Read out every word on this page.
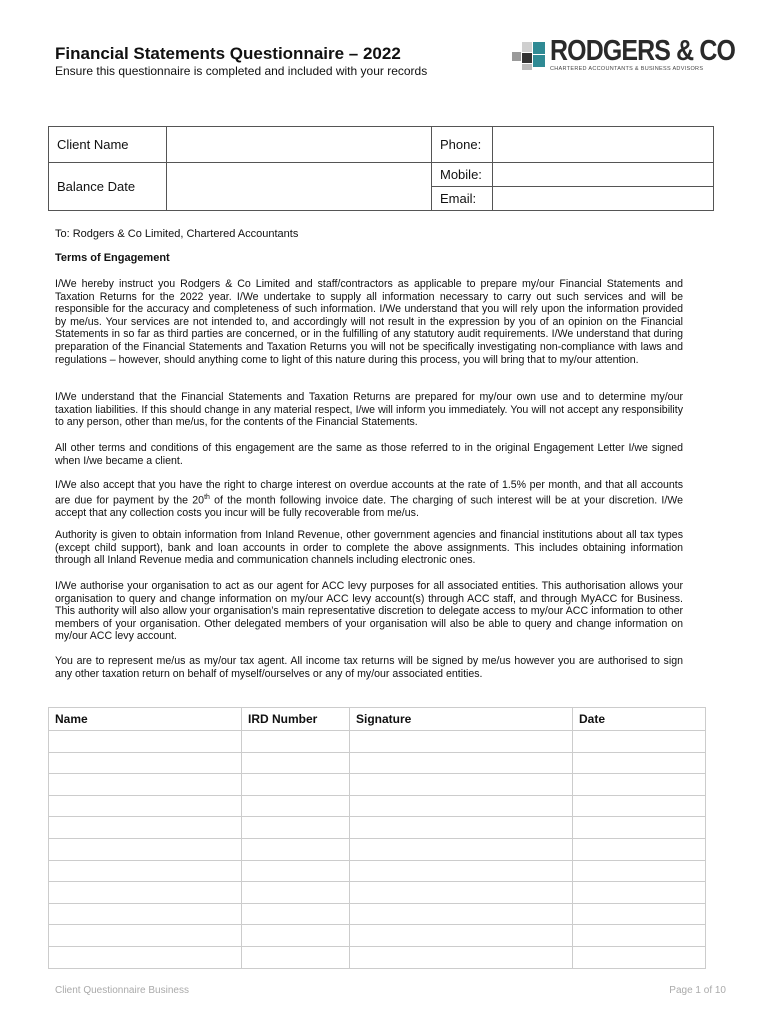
Financial Statements Questionnaire – 2022
Ensure this questionnaire is completed and included with your records
RODGERS & CO
CHARTERED ACCOUNTANTS & BUSINESS ADVISORS
Client Name		Phone:	
Balance Date		Mobile:	
		Email:	
To: Rodgers & Co Limited, Chartered Accountants
Terms of Engagement
I/We hereby instruct you Rodgers & Co Limited and staff/contractors as applicable to prepare my/our Financial Statements and Taxation Returns for the 2022 year. I/We undertake to supply all information necessary to carry out such services and will be responsible for the accuracy and completeness of such information. I/We understand that you will rely upon the information provided by me/us. Your services are not intended to, and accordingly will not result in the expression by you of an opinion on the Financial Statements in so far as third parties are concerned, or in the fulfilling of any statutory audit requirements. I/We understand that during preparation of the Financial Statements and Taxation Returns you will not be specifically investigating non-compliance with laws and regulations – however, should anything come to light of this nature during this process, you will bring that to my/our attention.
I/We understand that the Financial Statements and Taxation Returns are prepared for my/our own use and to determine my/our taxation liabilities. If this should change in any material respect, I/we will inform you immediately. You will not accept any responsibility to any person, other than me/us, for the contents of the Financial Statements.
All other terms and conditions of this engagement are the same as those referred to in the original Engagement Letter I/we signed when I/we became a client.
I/We also accept that you have the right to charge interest on overdue accounts at the rate of 1.5% per month, and that all accounts are due for payment by the 20th of the month following invoice date. The charging of such interest will be at your discretion. I/We accept that any collection costs you incur will be fully recoverable from me/us.
Authority is given to obtain information from Inland Revenue, other government agencies and financial institutions about all tax types (except child support), bank and loan accounts in order to complete the above assignments. This includes obtaining information through all Inland Revenue media and communication channels including electronic ones.
I/We authorise your organisation to act as our agent for ACC levy purposes for all associated entities. This authorisation allows your organisation to query and change information on my/our ACC levy account(s) through ACC staff, and through MyACC for Business. This authority will also allow your organisation’s main representative discretion to delegate access to my/our ACC information to other members of your organisation. Other delegated members of your organisation will also be able to query and change information on my/our ACC levy account.
You are to represent me/us as my/our tax agent. All income tax returns will be signed by me/us however you are authorised to sign any other taxation return on behalf of myself/ourselves or any of my/our associated entities.
Name	IRD Number	Signature	Date

Client Questionnaire Business	Page 1 of 10
